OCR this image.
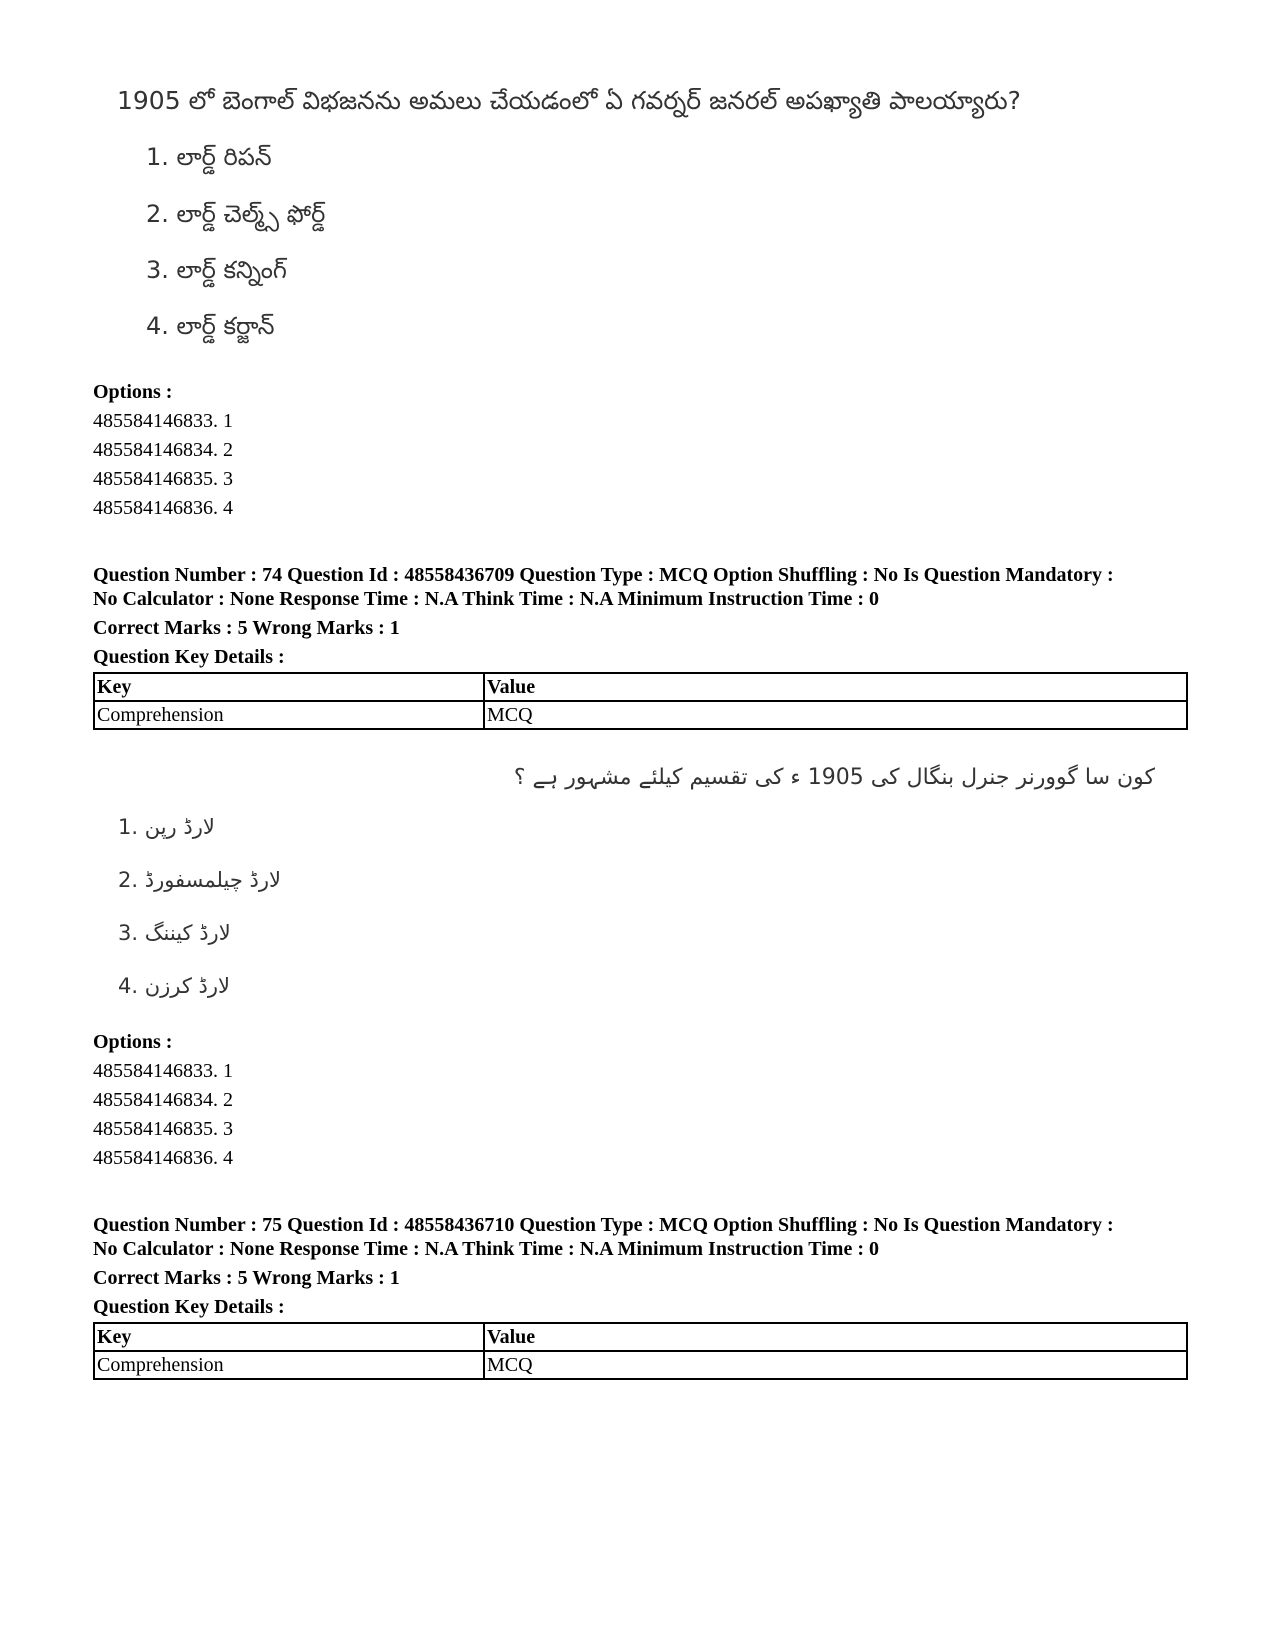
1905 లో బెంగాల్ విభజనను అమలు చేయడంలో ఏ గవర్నర్ జనరల్ అపఖ్యాతి పాలయ్యారు?
1. లార్డ్ రిపన్
2. లార్డ్ చెల్మ్స్ ఫోర్డ్
3. లార్డ్ కన్నింగ్
4. లార్డ్ కర్జాన్
Options :
485584146833. 1
485584146834. 2
485584146835. 3
485584146836. 4
Question Number : 74 Question Id : 48558436709 Question Type : MCQ Option Shuffling : No Is Question Mandatory :
No Calculator : None Response Time : N.A Think Time : N.A Minimum Instruction Time : 0
Correct Marks : 5 Wrong Marks : 1
Question Key Details :
Key	Value
Comprehension	MCQ
کون سا گوورنر جنرل بنگال کی 1905 ء کی تقسیم کیلئے مشہور ہے ؟
1. لارڈ رپن
2. لارڈ چیلمسفورڈ
3. لارڈ کیننگ
4. لارڈ کرزن
Options :
485584146833. 1
485584146834. 2
485584146835. 3
485584146836. 4
Question Number : 75 Question Id : 48558436710 Question Type : MCQ Option Shuffling : No Is Question Mandatory :
No Calculator : None Response Time : N.A Think Time : N.A Minimum Instruction Time : 0
Correct Marks : 5 Wrong Marks : 1
Question Key Details :
Key	Value
Comprehension	MCQ
